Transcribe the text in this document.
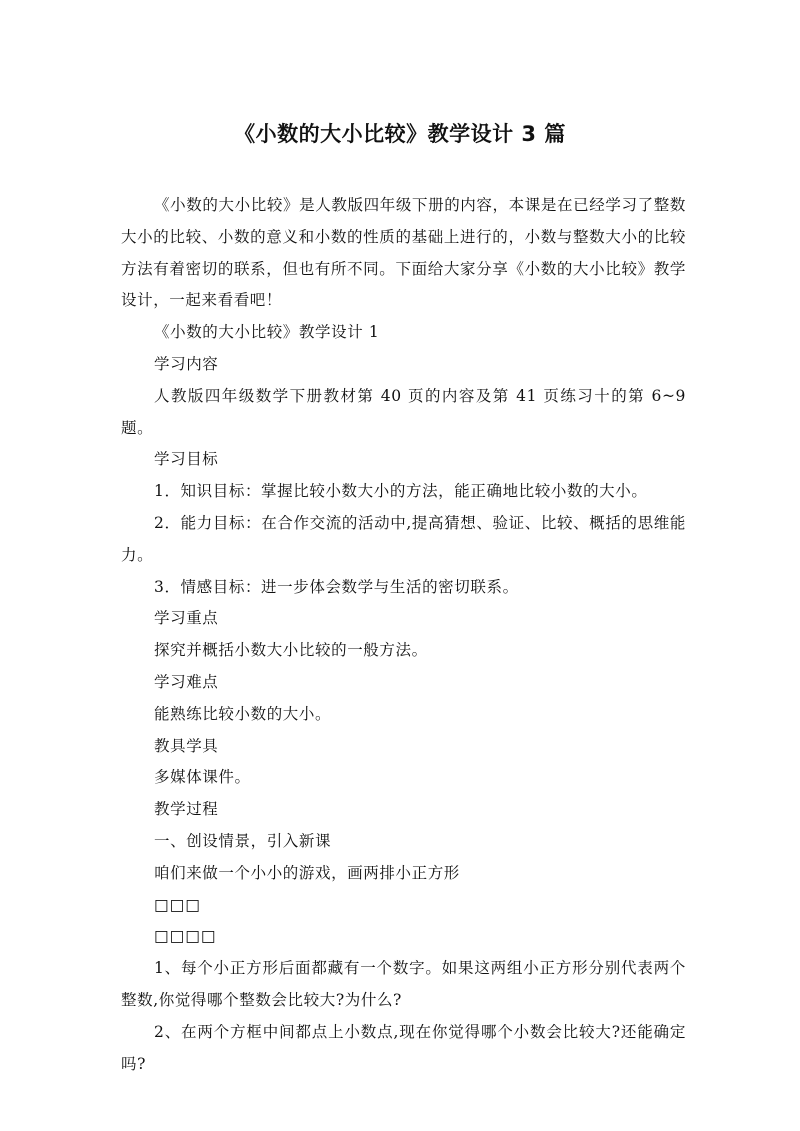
《小数的大小比较》教学设计 3 篇

《小数的大小比较》是人教版四年级下册的内容，本课是在已经学习了整数大小的比较、小数的意义和小数的性质的基础上进行的，小数与整数大小的比较方法有着密切的联系，但也有所不同。下面给大家分享《小数的大小比较》教学设计，一起来看看吧！

《小数的大小比较》教学设计 1

学习内容

人教版四年级数学下册教材第 40 页的内容及第 41 页练习十的第 6~9 题。

学习目标

1．知识目标：掌握比较小数大小的方法，能正确地比较小数的大小。

2．能力目标：在合作交流的活动中,提高猜想、验证、比较、概括的思维能力。

3．情感目标：进一步体会数学与生活的密切联系。

学习重点

探究并概括小数大小比较的一般方法。

学习难点

能熟练比较小数的大小。

教具学具

多媒体课件。

教学过程

一、创设情景，引入新课

咱们来做一个小小的游戏，画两排小正方形

□□□

□□□□

1、每个小正方形后面都藏有一个数字。如果这两组小正方形分别代表两个整数,你觉得哪个整数会比较大?为什么?

2、在两个方框中间都点上小数点,现在你觉得哪个小数会比较大?还能确定吗?
